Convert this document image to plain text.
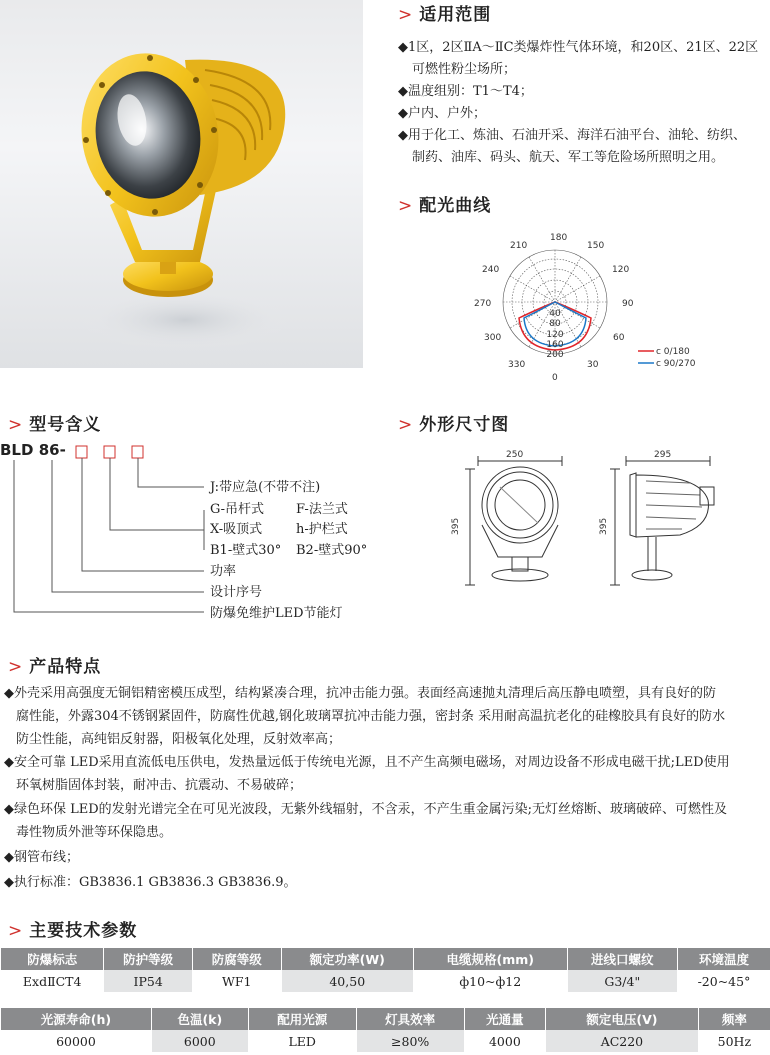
> 适用范围
◆1区，2区ⅡA～ⅡC类爆炸性气体环境，和20区、21区、22区
可燃性粉尘场所；
◆温度组别：T1～T4；
◆户内、户外；
◆用于化工、炼油、石油开采、海洋石油平台、油轮、纺织、
制药、油库、码头、航天、军工等危险场所照明之用。
> 配光曲线
180
150
120
90
60
30
0
330
300
270
240
210
40
80
120
160
200	c 0/180
c 90/270
> 型号含义
BLD 86-
J:带应急(不带不注)
G-吊杆式 F-法兰式
X-吸顶式	h-护栏式
B1-壁式30° B2-壁式90°
功率
设计序号
防爆免维护LED节能灯
> 外形尺寸图
250
395
295
395
> 产品特点
◆外壳采用高强度无铜铝精密模压成型，结构紧凑合理，抗冲击能力强。表面经高速抛丸清理后高压静电喷塑，具有良好的防
腐性能，外露304不锈钢紧固件，防腐性优越,钢化玻璃罩抗冲击能力强，密封条 采用耐高温抗老化的硅橡胶具有良好的防水
防尘性能，高纯铝反射器，阳极氧化处理，反射效率高；
◆安全可靠 LED采用直流低电压供电，发热量远低于传统电光源，且不产生高频电磁场，对周边设备不形成电磁干扰;LED使用
环氧树脂固体封装，耐冲击、抗震动、不易破碎；
◆绿色环保 LED的发射光谱完全在可见光波段，无紫外线辐射，不含汞，不产生重金属污染;无灯丝熔断、玻璃破碎、可燃性及
毒性物质外泄等环保隐患。
◆钢管布线；
◆执行标准：GB3836.1 GB3836.3 GB3836.9。
> 主要技术参数
防爆标志	防护等级	防腐等级	额定功率(W)	电缆规格(mm)	进线口螺纹	环境温度
ExdⅡCT4	IP54	WF1	40,50	ф10~ф12	G3/4"	-20~45°
光源寿命(h)	色温(k)	配用光源	灯具效率	光通量	额定电压(V)	频率
60000	6000	LED	≥80%	4000	AC220	50Hz
